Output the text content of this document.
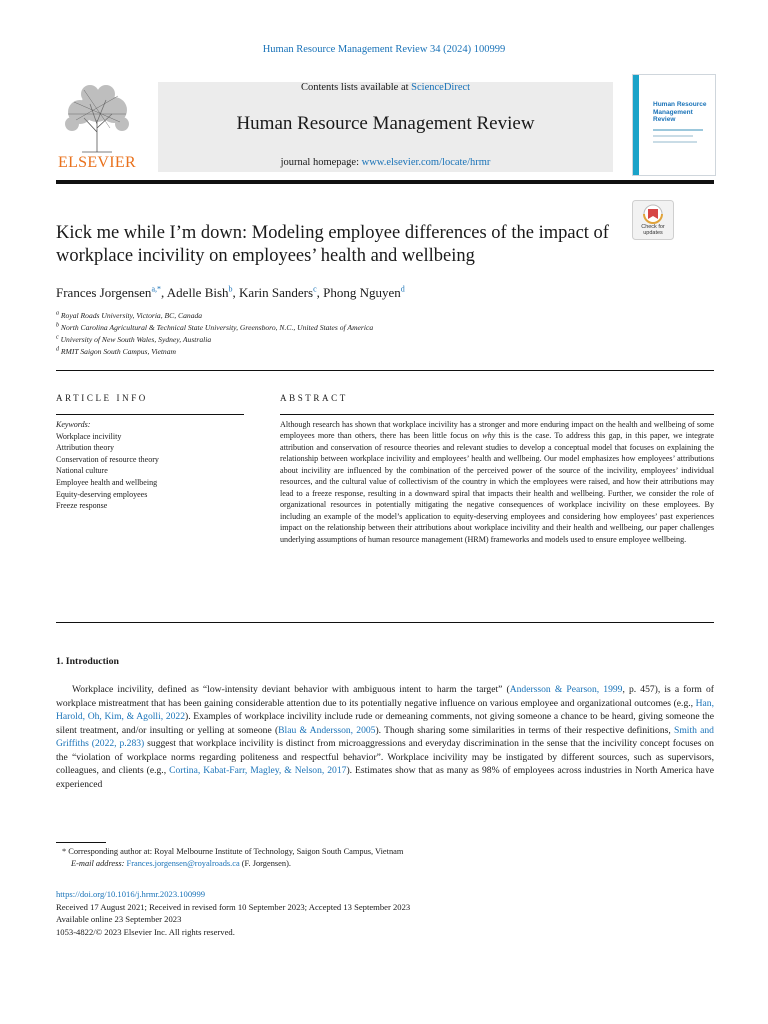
Human Resource Management Review 34 (2024) 100999
ELSEVIER
Contents lists available at ScienceDirect
Human Resource Management Review
journal homepage: www.elsevier.com/locate/hrmr
Human Resource Management Review
Check for
updates
Kick me while I’m down: Modeling employee differences of the impact of workplace incivility on employees’ health and wellbeing
Frances Jorgensen$^{a,*}$, Adelle Bish$^b$, Karin Sanders$^c$, Phong Nguyen$^d$
$^a$ Royal Roads University, Victoria, BC, Canada
$^b$ North Carolina Agricultural & Technical State University, Greensboro, N.C., United States of America
$^c$ University of New South Wales, Sydney, Australia
$^d$ RMIT Saigon South Campus, Vietnam
ARTICLE INFO	ABSTRACT
Keywords:
Workplace incivility
Attribution theory
Conservation of resource theory
National culture
Employee health and wellbeing
Equity-deserving employees
Freeze response
Although research has shown that workplace incivility has a stronger and more enduring impact on the health and wellbeing of some employees more than others, there has been little focus on why this is the case. To address this gap, in this paper, we integrate attribution and conservation of resource theories and relevant studies to develop a conceptual model that focuses on explaining the relationship between workplace incivility and employees’ health and wellbeing. Our model emphasizes how employees’ attributions about incivility are influenced by the combination of the perceived power of the source of the incivility, employees’ individual resources, and the cultural value of collectivism of the country in which the employees were raised, and how their attributions may lead to a freeze response, resulting in a downward spiral that impacts their health and wellbeing. Further, we consider the role of organizational resources in potentially mitigating the negative consequences of workplace incivility on these employees. By including an example of the model’s application to equity-deserving employees and considering how employees’ past experiences impact on the relationship between their attributions about workplace incivility and their health and wellbeing, our paper challenges underlying assumptions of human resource management (HRM) frameworks and models used to ensure employee wellbeing.
1. Introduction
Workplace incivility, defined as “low-intensity deviant behavior with ambiguous intent to harm the target” (Andersson & Pearson, 1999, p. 457), is a form of workplace mistreatment that has been gaining considerable attention due to its potentially negative influence on various employee and organizational outcomes (e.g., Han, Harold, Oh, Kim, & Agolli, 2022). Examples of workplace incivility include rude or demeaning comments, not giving someone a chance to be heard, giving someone the silent treatment, and/or insulting or yelling at someone (Blau & Andersson, 2005). Though sharing some similarities in terms of their respective definitions, Smith and Griffiths (2022, p.283) suggest that workplace incivility is distinct from microaggressions and everyday discrimination in the sense that the incivility concept focuses on the “violation of workplace norms regarding politeness and respectful behavior”. Workplace incivility may be instigated by different sources, such as supervisors, colleagues, and clients (e.g., Cortina, Kabat-Farr, Magley, & Nelson, 2017). Estimates show that as many as 98% of employees across industries in North America have experienced
* Corresponding author at: Royal Melbourne Institute of Technology, Saigon South Campus, Vietnam
E-mail address: Frances.jorgensen@royalroads.ca (F. Jorgensen).
https://doi.org/10.1016/j.hrmr.2023.100999
Received 17 August 2021; Received in revised form 10 September 2023; Accepted 13 September 2023
Available online 23 September 2023
1053-4822/© 2023 Elsevier Inc. All rights reserved.
